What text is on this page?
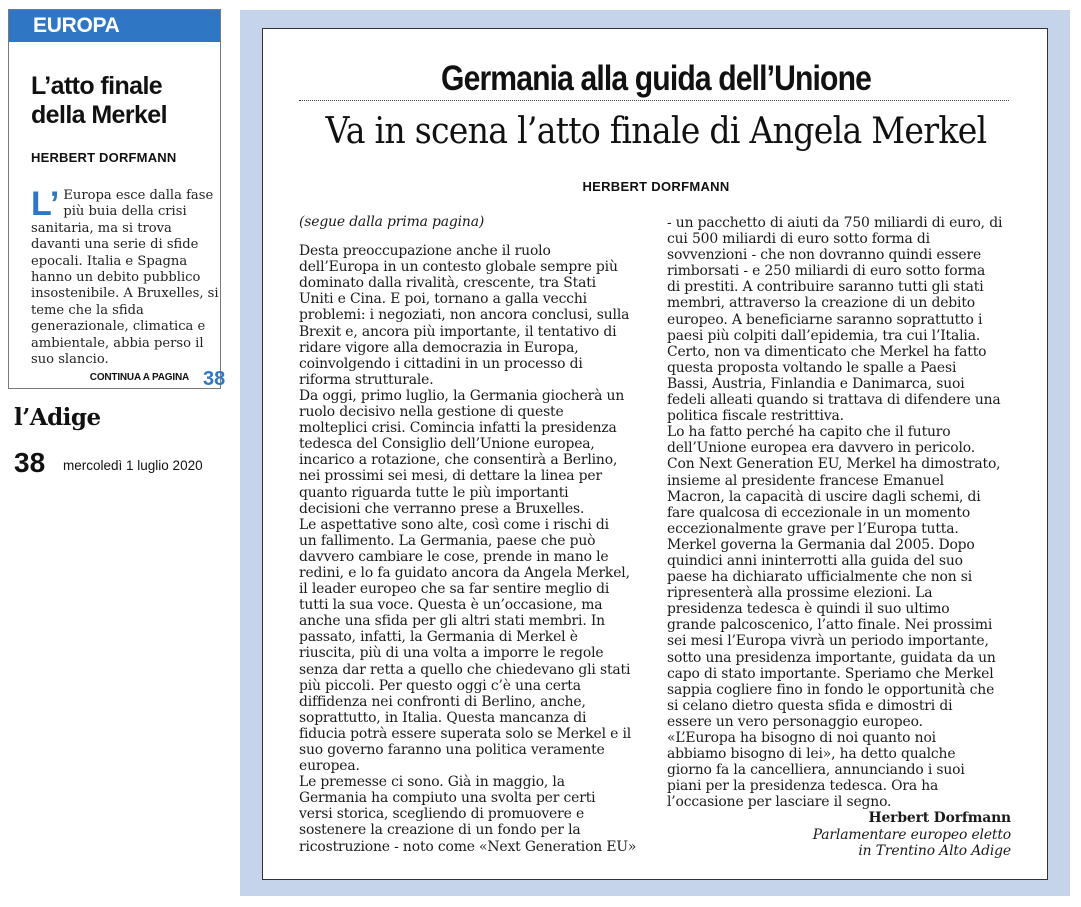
EUROPA
L’atto finale della Merkel
HERBERT DORFMANN
L’ Europa esce dalla fase più buia della crisi sanitaria, ma si trova davanti una serie di sfide epocali. Italia e Spagna hanno un debito pubblico insostenibile. A Bruxelles, si teme che la sfida generazionale, climatica e ambientale, abbia perso il suo slancio.
CONTINUA A PAGINA 38
l’Adige
38 mercoledì 1 luglio 2020
Germania alla guida dell’Unione
Va in scena l’atto finale di Angela Merkel
HERBERT DORFMANN

(segue dalla prima pagina)

Desta preoccupazione anche il ruolo
dell’Europa in un contesto globale sempre più
dominato dalla rivalità, crescente, tra Stati
Uniti e Cina. E poi, tornano a galla vecchi
problemi: i negoziati, non ancora conclusi, sulla
Brexit e, ancora più importante, il tentativo di
ridare vigore alla democrazia in Europa,
coinvolgendo i cittadini in un processo di
riforma strutturale.

Da oggi, primo luglio, la Germania giocherà un
ruolo decisivo nella gestione di queste
molteplici crisi. Comincia infatti la presidenza
tedesca del Consiglio dell’Unione europea,
incarico a rotazione, che consentirà a Berlino,
nei prossimi sei mesi, di dettare la linea per
quanto riguarda tutte le più importanti
decisioni che verranno prese a Bruxelles.

Le aspettative sono alte, così come i rischi di
un fallimento. La Germania, paese che può
davvero cambiare le cose, prende in mano le
redini, e lo fa guidato ancora da Angela Merkel,
il leader europeo che sa far sentire meglio di
tutti la sua voce. Questa è un’occasione, ma
anche una sfida per gli altri stati membri. In
passato, infatti, la Germania di Merkel è
riuscita, più di una volta a imporre le regole
senza dar retta a quello che chiedevano gli stati
più piccoli. Per questo oggi c’è una certa
diffidenza nei confronti di Berlino, anche,
soprattutto, in Italia. Questa mancanza di
fiducia potrà essere superata solo se Merkel e il
suo governo faranno una politica veramente
europea.

Le premesse ci sono. Già in maggio, la
Germania ha compiuto una svolta per certi
versi storica, scegliendo di promuovere e
sostenere la creazione di un fondo per la
ricostruzione - noto come «Next Generation EU»

- un pacchetto di aiuti da 750 miliardi di euro, di
cui 500 miliardi di euro sotto forma di
sovvenzioni - che non dovranno quindi essere
rimborsati - e 250 miliardi di euro sotto forma
di prestiti. A contribuire saranno tutti gli stati
membri, attraverso la creazione di un debito
europeo. A beneficiarne saranno soprattutto i
paesi più colpiti dall’epidemia, tra cui l’Italia.
Certo, non va dimenticato che Merkel ha fatto
questa proposta voltando le spalle a Paesi
Bassi, Austria, Finlandia e Danimarca, suoi
fedeli alleati quando si trattava di difendere una
politica fiscale restrittiva.

Lo ha fatto perché ha capito che il futuro
dell’Unione europea era davvero in pericolo.
Con Next Generation EU, Merkel ha dimostrato,
insieme al presidente francese Emanuel
Macron, la capacità di uscire dagli schemi, di
fare qualcosa di eccezionale in un momento
eccezionalmente grave per l’Europa tutta.

Merkel governa la Germania dal 2005. Dopo
quindici anni ininterrotti alla guida del suo
paese ha dichiarato ufficialmente che non si
ripresenterà alla prossime elezioni. La
presidenza tedesca è quindi il suo ultimo
grande palcoscenico, l’atto finale. Nei prossimi
sei mesi l’Europa vivrà un periodo importante,
sotto una presidenza importante, guidata da un
capo di stato importante. Speriamo che Merkel
sappia cogliere fino in fondo le opportunità che
si celano dietro questa sfida e dimostri di
essere un vero personaggio europeo.

«L’Europa ha bisogno di noi quanto noi
abbiamo bisogno di lei», ha detto qualche
giorno fa la cancelliera, annunciando i suoi
piani per la presidenza tedesca. Ora ha
l’occasione per lasciare il segno.

Herbert Dorfmann

Parlamentare europeo eletto
in Trentino Alto Adige
